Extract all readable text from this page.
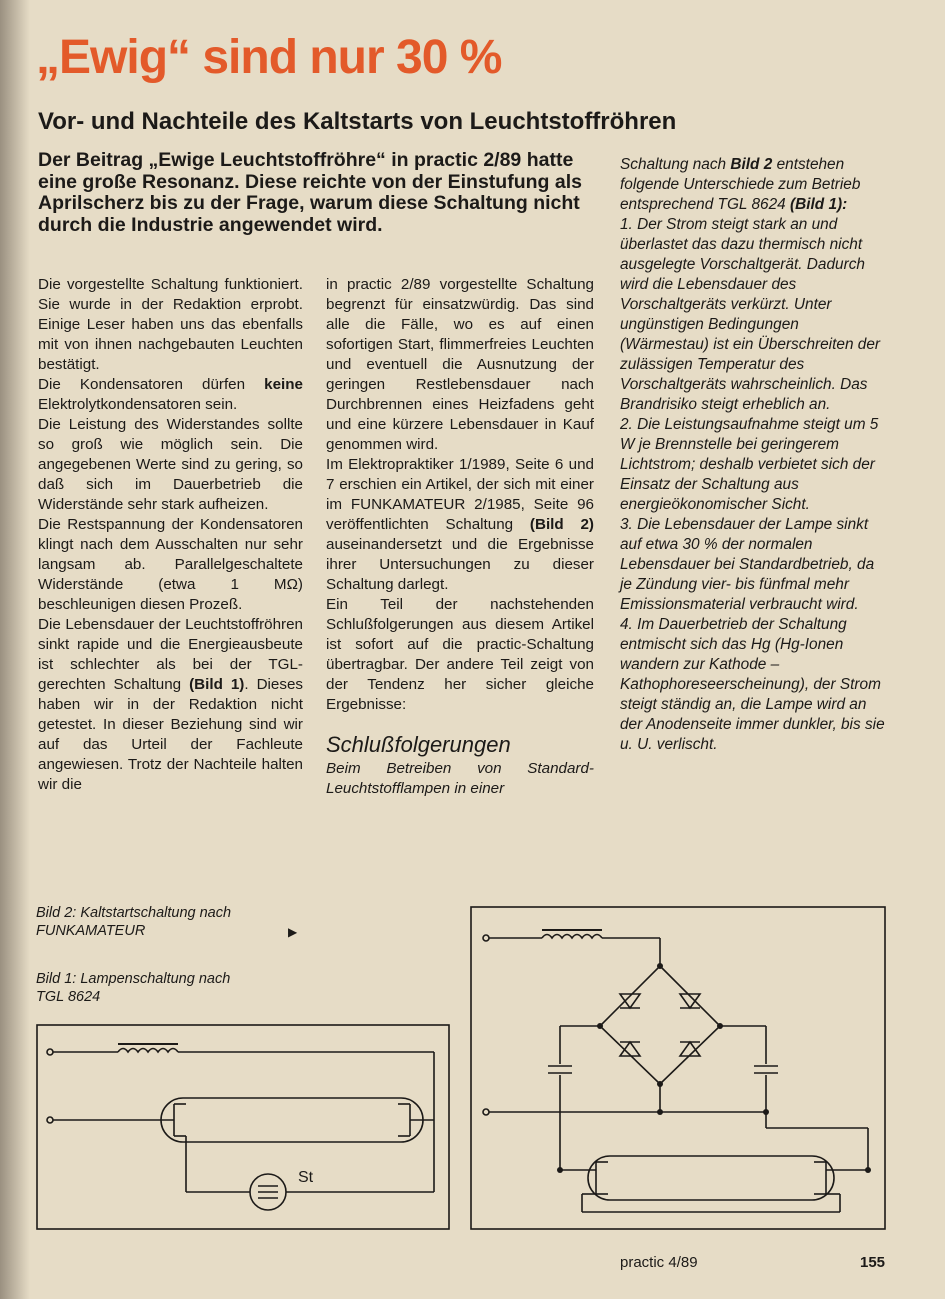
„Ewig“ sind nur 30 %
Vor- und Nachteile des Kaltstarts von Leuchtstoffröhren
Der Beitrag „Ewige Leuchtstoffröhre“ in practic 2/89 hatte eine große Resonanz. Diese reichte von der Einstufung als Aprilscherz bis zu der Frage, warum diese Schaltung nicht durch die Industrie angewendet wird.

Die vorgestellte Schaltung funktioniert. Sie wurde in der Redaktion erprobt. Einige Leser haben uns das ebenfalls mit von ihnen nachgebauten Leuchten bestätigt.

Die Kondensatoren dürfen keine Elektrolytkondensatoren sein.

Die Leistung des Widerstandes sollte so groß wie möglich sein. Die angegebenen Werte sind zu gering, so daß sich im Dauerbetrieb die Widerstände sehr stark aufheizen.

Die Restspannung der Kondensatoren klingt nach dem Ausschalten nur sehr langsam ab. Parallelgeschaltete Widerstände (etwa 1 MΩ) beschleunigen diesen Prozeß.

Die Lebensdauer der Leuchtstoffröhren sinkt rapide und die Energieausbeute ist schlechter als bei der TGL-gerechten Schaltung (Bild 1). Dieses haben wir in der Redaktion nicht getestet. In dieser Beziehung sind wir auf das Urteil der Fachleute angewiesen. Trotz der Nachteile halten wir die

in practic 2/89 vorgestellte Schaltung begrenzt für einsatzwürdig. Das sind alle die Fälle, wo es auf einen sofortigen Start, flimmerfreies Leuchten und eventuell die Ausnutzung der geringen Restlebensdauer nach Durchbrennen eines Heizfadens geht und eine kürzere Lebensdauer in Kauf genommen wird.

Im Elektropraktiker 1/1989, Seite 6 und 7 erschien ein Artikel, der sich mit einer im FUNKAMATEUR 2/1985, Seite 96 veröffentlichten Schaltung (Bild 2) auseinandersetzt und die Ergebnisse ihrer Untersuchungen zu dieser Schaltung darlegt.

Ein Teil der nachstehenden Schlußfolgerungen aus diesem Artikel ist sofort auf die practic-Schaltung übertragbar. Der andere Teil zeigt von der Tendenz her sicher gleiche Ergebnisse:

Schlußfolgerungen

Beim Betreiben von Standard-Leuchtstofflampen in einer

Schaltung nach Bild 2 entstehen folgende Unterschiede zum Betrieb entsprechend TGL 8624 (Bild 1):

1. Der Strom steigt stark an und überlastet das dazu thermisch nicht ausgelegte Vorschaltgerät. Dadurch wird die Lebensdauer des Vorschaltgeräts verkürzt. Unter ungünstigen Bedingungen (Wärmestau) ist ein Überschreiten der zulässigen Temperatur des Vorschaltgeräts wahrscheinlich. Das Brandrisiko steigt erheblich an.

2. Die Leistungsaufnahme steigt um 5 W je Brennstelle bei geringerem Lichtstrom; deshalb verbietet sich der Einsatz der Schaltung aus energieökonomischer Sicht.

3. Die Lebensdauer der Lampe sinkt auf etwa 30 % der normalen Lebensdauer bei Standardbetrieb, da je Zündung vier- bis fünfmal mehr Emissionsmaterial verbraucht wird.

4. Im Dauerbetrieb der Schaltung entmischt sich das Hg (Hg-Ionen wandern zur Kathode – Kathophoreseerscheinung), der Strom steigt ständig an, die Lampe wird an der Anodenseite immer dunkler, bis sie u. U. verlischt.

Bild 2: Kaltstartschaltung nach
FUNKAMATEUR	▶
Bild 1: Lampenschaltung nach
TGL 8624
St
practic 4/89	155
